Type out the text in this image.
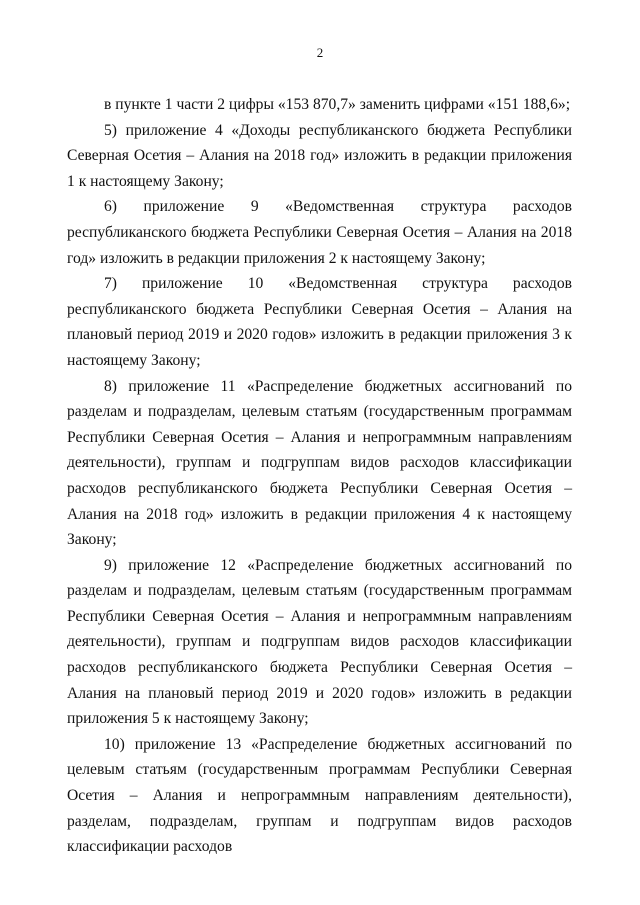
2

в пункте 1 части 2 цифры «153 870,7» заменить цифрами «151 188,6»;

5) приложение 4 «Доходы республиканского бюджета Республики Северная Осетия – Алания на 2018 год» изложить в редакции приложения 1 к настоящему Закону;

6) приложение 9 «Ведомственная структура расходов республиканского бюджета Республики Северная Осетия – Алания на 2018 год» изложить в редакции приложения 2 к настоящему Закону;

7) приложение 10 «Ведомственная структура расходов республиканского бюджета Республики Северная Осетия – Алания на плановый период 2019 и 2020 годов» изложить в редакции приложения 3 к настоящему Закону;

8) приложение 11 «Распределение бюджетных ассигнований по разделам и подразделам, целевым статьям (государственным программам Республики Северная Осетия – Алания и непрограммным направлениям деятельности), группам и подгруппам видов расходов классификации расходов республиканского бюджета Республики Северная Осетия – Алания на 2018 год» изложить в редакции приложения 4 к настоящему Закону;

9) приложение 12 «Распределение бюджетных ассигнований по разделам и подразделам, целевым статьям (государственным программам Республики Северная Осетия – Алания и непрограммным направлениям деятельности), группам и подгруппам видов расходов классификации расходов республиканского бюджета Республики Северная Осетия – Алания на плановый период 2019 и 2020 годов» изложить в редакции приложения 5 к настоящему Закону;

10) приложение 13 «Распределение бюджетных ассигнований по целевым статьям (государственным программам Республики Северная Осетия – Алания и непрограммным направлениям деятельности), разделам, подразделам, группам и подгруппам видов расходов классификации расходов
